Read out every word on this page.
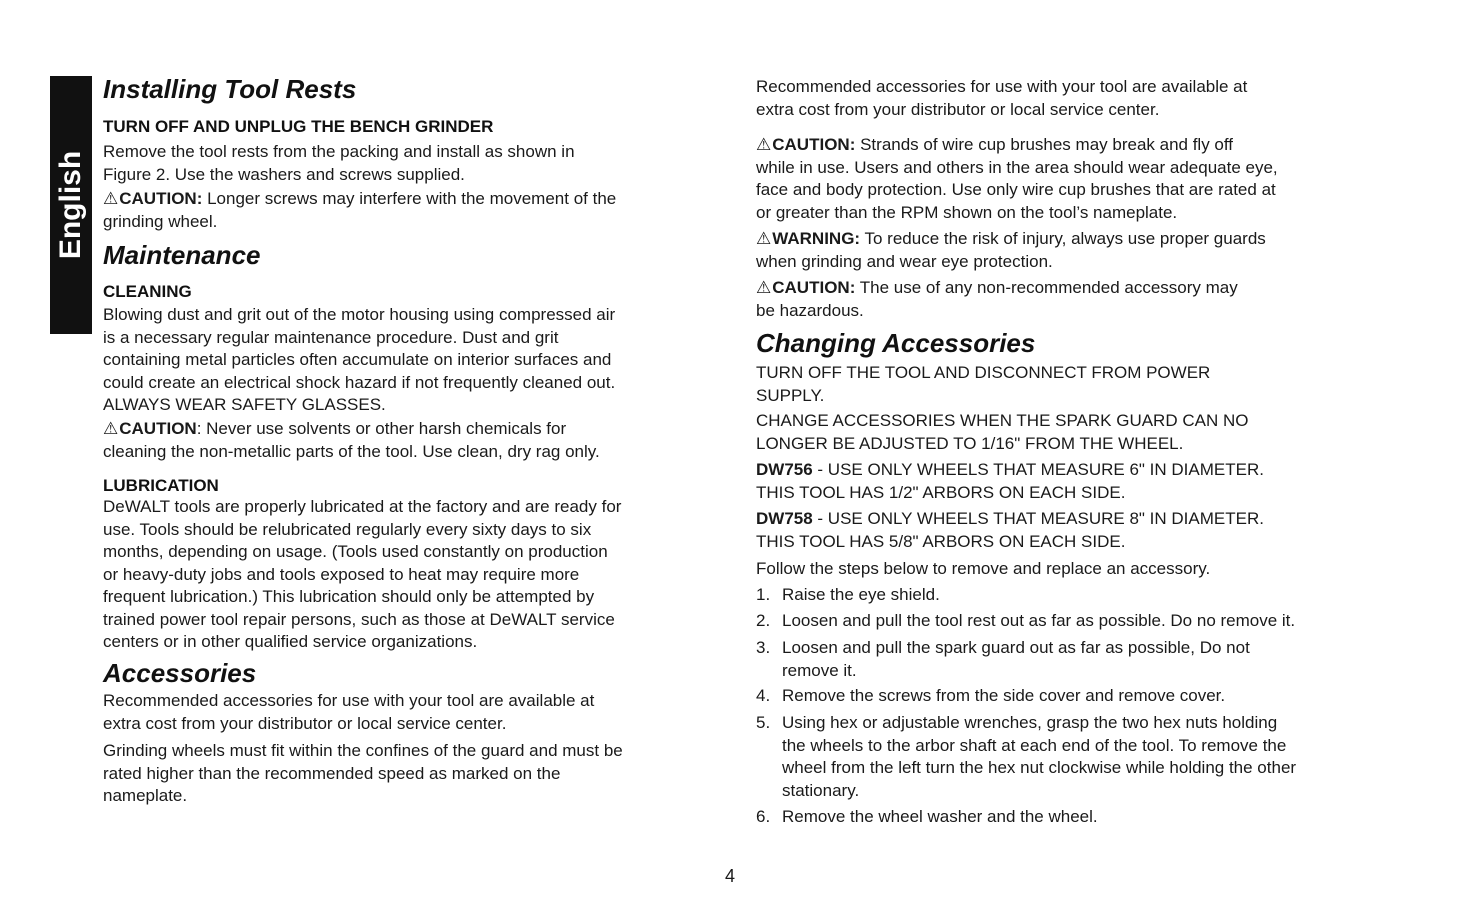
English
Installing Tool Rests
TURN OFF AND UNPLUG THE BENCH GRINDER

Remove the tool rests from the packing and install as shown in
Figure 2. Use the washers and screws supplied.

⚠CAUTION: Longer screws may interfere with the movement of the
grinding wheel.

Maintenance
CLEANING

Blowing dust and grit out of the motor housing using compressed air
is a necessary regular maintenance procedure. Dust and grit
containing metal particles often accumulate on interior surfaces and
could create an electrical shock hazard if not frequently cleaned out.
ALWAYS WEAR SAFETY GLASSES.

⚠CAUTION: Never use solvents or other harsh chemicals for
cleaning the non-metallic parts of the tool. Use clean, dry rag only.

LUBRICATION

DeWALT tools are properly lubricated at the factory and are ready for
use. Tools should be relubricated regularly every sixty days to six
months, depending on usage. (Tools used constantly on production
or heavy-duty jobs and tools exposed to heat may require more
frequent lubrication.) This lubrication should only be attempted by
trained power tool repair persons, such as those at DeWALT service
centers or in other qualified service organizations.

Accessories

Recommended accessories for use with your tool are available at
extra cost from your distributor or local service center.

Grinding wheels must fit within the confines of the guard and must be
rated higher than the recommended speed as marked on the
nameplate.

Recommended accessories for use with your tool are available at
extra cost from your distributor or local service center.

⚠CAUTION: Strands of wire cup brushes may break and fly off
while in use. Users and others in the area should wear adequate eye,
face and body protection. Use only wire cup brushes that are rated at
or greater than the RPM shown on the tool’s nameplate.

⚠WARNING: To reduce the risk of injury, always use proper guards
when grinding and wear eye protection.

⚠CAUTION: The use of any non-recommended accessory may
be hazardous.

Changing Accessories

TURN OFF THE TOOL AND DISCONNECT FROM POWER
SUPPLY.

CHANGE ACCESSORIES WHEN THE SPARK GUARD CAN NO
LONGER BE ADJUSTED TO 1/16" FROM THE WHEEL.

DW756 - USE ONLY WHEELS THAT MEASURE 6" IN DIAMETER.
THIS TOOL HAS 1/2" ARBORS ON EACH SIDE.

DW758 - USE ONLY WHEELS THAT MEASURE 8" IN DIAMETER.
THIS TOOL HAS 5/8" ARBORS ON EACH SIDE.

Follow the steps below to remove and replace an accessory.

1. Raise the eye shield.

2. Loosen and pull the tool rest out as far as possible. Do no remove it.

3. Loosen and pull the spark guard out as far as possible, Do not
remove it.

4. Remove the screws from the side cover and remove cover.

5. Using hex or adjustable wrenches, grasp the two hex nuts holding
the wheels to the arbor shaft at each end of the tool. To remove the
wheel from the left turn the hex nut clockwise while holding the other
stationary.

6. Remove the wheel washer and the wheel.

4
